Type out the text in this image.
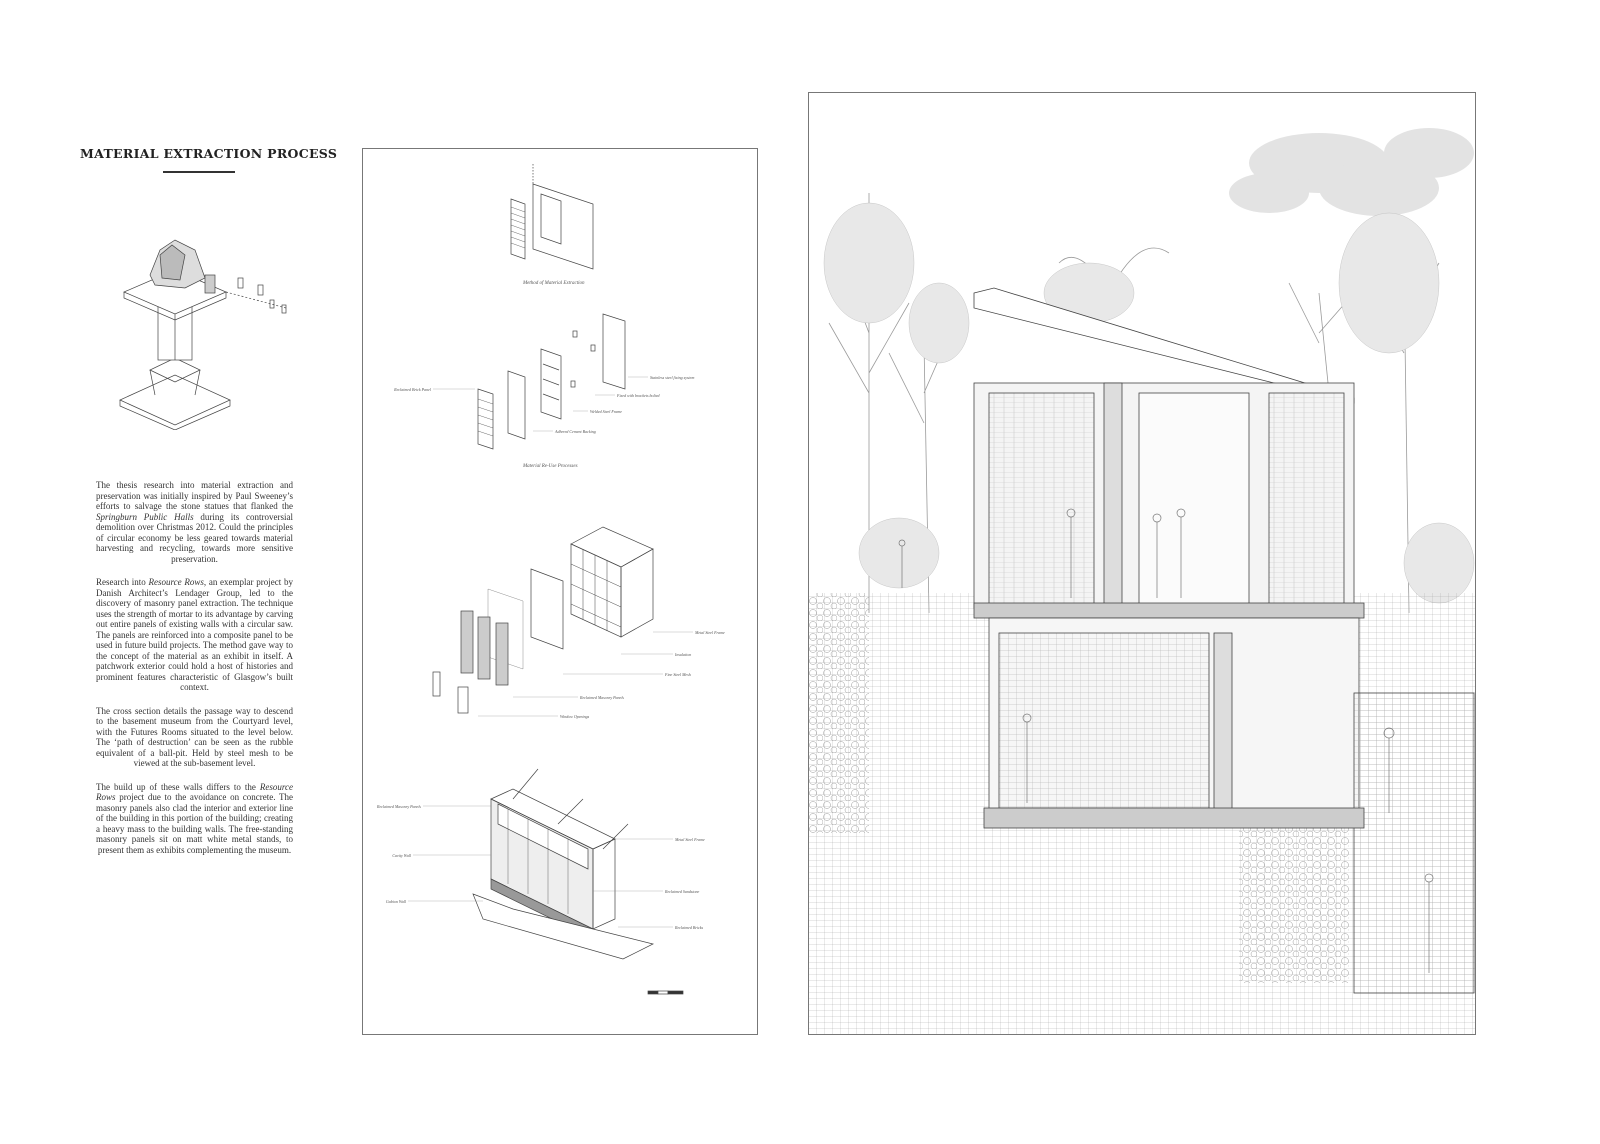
MATERIAL EXTRACTION PROCESS

The thesis research into material extraction and preservation was initially inspired by Paul Sweeney’s efforts to salvage the stone statues that flanked the Springburn Public Halls during its controversial demolition over Christmas 2012. Could the principles of circular economy be less geared towards material harvesting and recycling, towards more sensitive preservation.

Research into Resource Rows, an exemplar project by Danish Architect’s Lendager Group, led to the discovery of masonry panel extraction. The technique uses the strength of mortar to its advantage by carving out entire panels of existing walls with a circular saw. The panels are reinforced into a composite panel to be used in future build projects. The method gave way to the concept of the material as an exhibit in itself. A patchwork exterior could hold a host of histories and prominent features characteristic of Glasgow’s built context.

The cross section details the passage way to descend to the basement museum from the Courtyard level, with the Futures Rooms situated to the level below. The ‘path of destruction’ can be seen as the rubble equivalent of a ball-pit. Held by steel mesh to be viewed at the sub-basement level.

The build up of these walls differs to the Resource Rows project due to the avoidance on concrete. The masonry panels also clad the interior and exterior line of the building in this portion of the building; creating a heavy mass to the building walls. The free-standing masonry panels sit on matt white metal stands, to present them as exhibits complementing the museum.

Method of Material Extraction
Material Re-Use Processes
Reclaimed Brick Panel
Stainless steel fixing system
Fixed with brackets bolted
Welded Steel Frame
Adhered Cement Backing
Metal Steel Frame
Insulation
Fine Steel Mesh
Reclaimed Masonry Panels
Window Openings
Reclaimed Masonry Panels
Metal Steel Frame
Cavity Wall
Reclaimed Sandstone
Gabion Wall
Reclaimed Bricks
